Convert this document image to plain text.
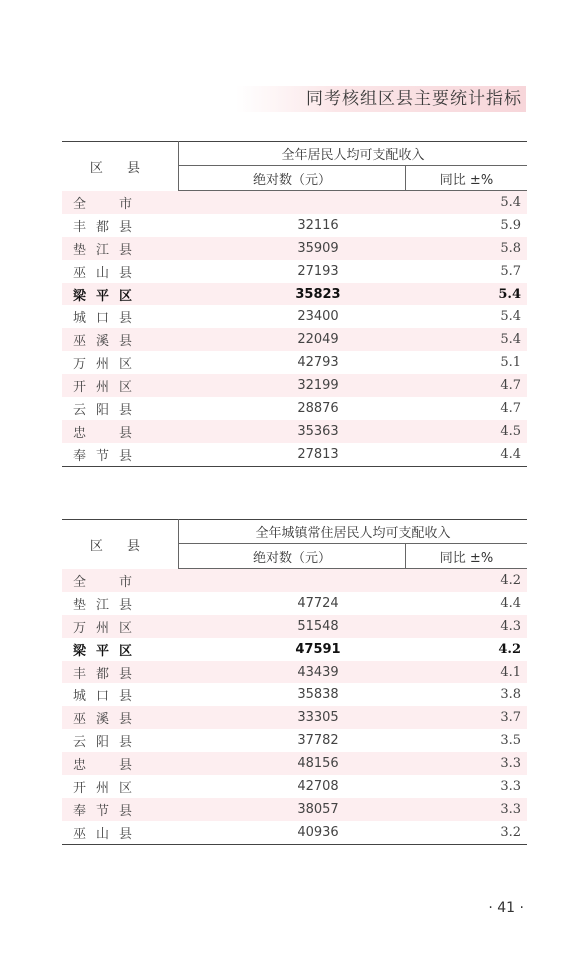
同考核组区县主要统计指标
区 县	全年居民人均可支配收入	
	绝对数（元）	同比 ±%
全 市		5.4
丰 都 县	32116	5.9
垫 江 县	35909	5.8
巫 山 县	27193	5.7
梁 平 区	35823	5.4
城 口 县	23400	5.4
巫 溪 县	22049	5.4
万 州 区	42793	5.1
开 州 区	32199	4.7
云 阳 县	28876	4.7
忠 县	35363	4.5
奉 节 县	27813	4.4
区 县	全年城镇常住居民人均可支配收入	
	绝对数（元）	同比 ±%
全 市		4.2
垫 江 县	47724	4.4
万 州 区	51548	4.3
梁 平 区	47591	4.2
丰 都 县	43439	4.1
城 口 县	35838	3.8
巫 溪 县	33305	3.7
云 阳 县	37782	3.5
忠 县	48156	3.3
开 州 区	42708	3.3
奉 节 县	38057	3.3
巫 山 县	40936	3.2
· 41 ·
